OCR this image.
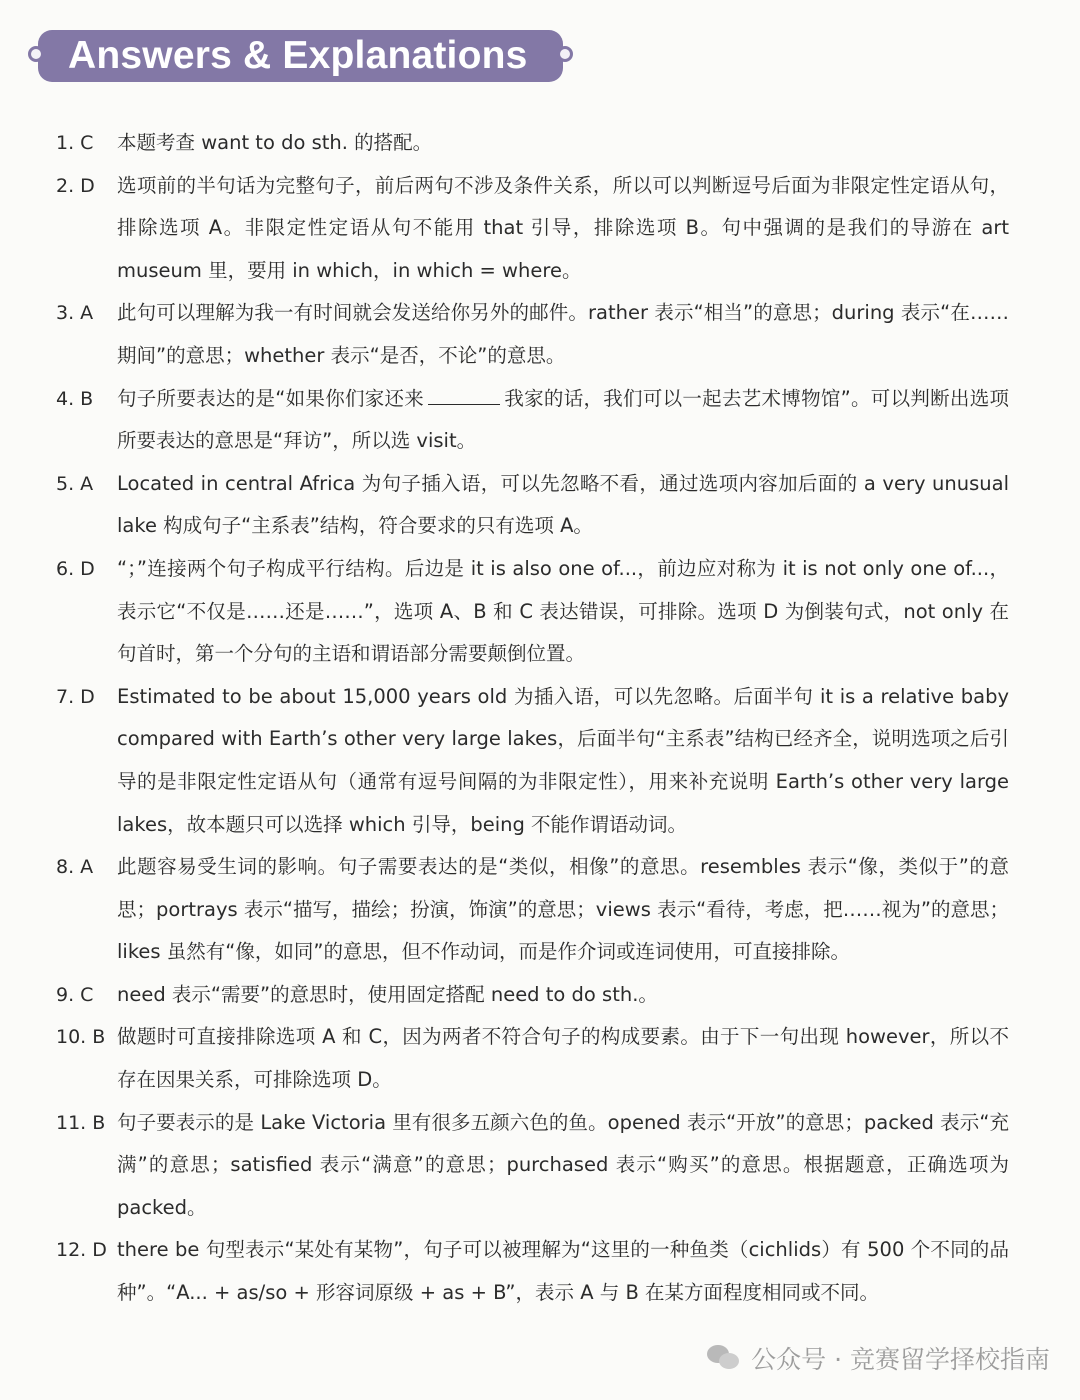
Answers & Explanations
1. C	本题考查 want to do sth. 的搭配。
2. D	选项前的半句话为完整句子，前后两句不涉及条件关系，所以可以判断逗号后面为非限定性定语从句，排除选项 A。非限定性定语从句不能用 that 引导，排除选项 B。句中强调的是我们的导游在 art museum 里，要用 in which，in which = where。
3. A	此句可以理解为我一有时间就会发送给你另外的邮件。rather 表示“相当”的意思；during 表示“在……期间”的意思；whether 表示“是否，不论”的意思。
4. B	句子所要表达的是“如果你们家还来	我家的话，我们可以一起去艺术博物馆”。可以判断出选项所要表达的意思是“拜访”，所以选 visit。
5. A	Located in central Africa 为句子插入语，可以先忽略不看，通过选项内容加后面的 a very unusual lake 构成句子“主系表”结构，符合要求的只有选项 A。
6. D	“；”连接两个句子构成平行结构。后边是 it is also one of...，前边应对称为 it is not only one of...，表示它“不仅是……还是……”，选项 A、B 和 C 表达错误，可排除。选项 D 为倒装句式，not only 在句首时，第一个分句的主语和谓语部分需要颠倒位置。
7. D	Estimated to be about 15,000 years old 为插入语，可以先忽略。后面半句 it is a relative baby compared with Earth’s other very large lakes，后面半句“主系表”结构已经齐全，说明选项之后引导的是非限定性定语从句（通常有逗号间隔的为非限定性），用来补充说明 Earth’s other very large lakes，故本题只可以选择 which 引导，being 不能作谓语动词。
8. A	此题容易受生词的影响。句子需要表达的是“类似，相像”的意思。resembles 表示“像，类似于”的意思；portrays 表示“描写，描绘；扮演，饰演”的意思；views 表示“看待，考虑，把……视为”的意思；likes 虽然有“像，如同”的意思，但不作动词，而是作介词或连词使用，可直接排除。
9. C	need 表示“需要”的意思时，使用固定搭配 need to do sth.。
10. B 做题时可直接排除选项 A 和 C，因为两者不符合句子的构成要素。由于下一句出现 however，所以不存在因果关系，可排除选项 D。
11. B 句子要表示的是 Lake Victoria 里有很多五颜六色的鱼。opened 表示“开放”的意思；packed 表示“充满”的意思；satisfied 表示“满意”的意思；purchased 表示“购买”的意思。根据题意，正确选项为 packed。
12. D there be 句型表示“某处有某物”，句子可以被理解为“这里的一种鱼类（cichlids）有 500 个不同的品种”。“A... + as/so + 形容词原级 + as + B”，表示 A 与 B 在某方面程度相同或不同。
公众号 · 竞赛留学择校指南
